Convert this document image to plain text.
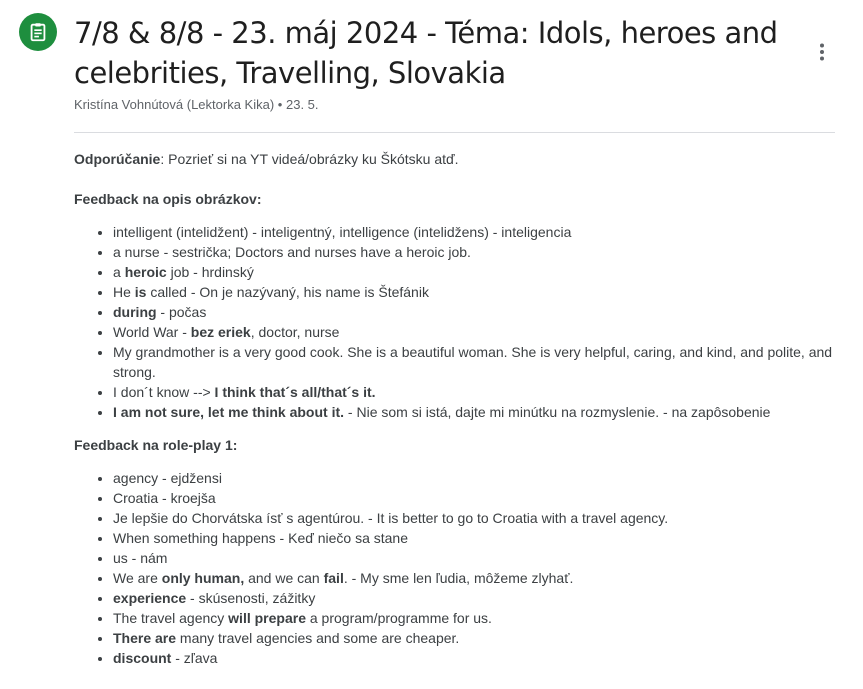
7/8 & 8/8 - 23. máj 2024 - Téma: Idols, heroes and celebrities, Travelling, Slovakia
Kristína Vohnútová (Lektorka Kika) • 23. 5.

Odporúčanie: Pozrieť si na YT videá/obrázky ku Škótsku atď.

Feedback na opis obrázkov:

• intelligent (intelidžent) - inteligentný, intelligence (intelidžens) - inteligencia
• a nurse - sestrička; Doctors and nurses have a heroic job.
• a heroic job - hrdinský
• He is called - On je nazývaný, his name is Štefánik
• during - počas
• World War - bez eriek, doctor, nurse
• My grandmother is a very good cook. She is a beautiful woman. She is very helpful, caring, and kind, and polite, and strong.
• I don´t know --> I think that´s all/that´s it.
• I am not sure, let me think about it. - Nie som si istá, dajte mi minútku na rozmyslenie. - na zapôsobenie

Feedback na role-play 1:

• agency - ejdžensi
• Croatia - kroejša
• Je lepšie do Chorvátska ísť s agentúrou. - It is better to go to Croatia with a travel agency.
• When something happens - Keď niečo sa stane
• us - nám
• We are only human, and we can fail. - My sme len ľudia, môžeme zlyhať.
• experience - skúsenosti, zážitky
• The travel agency will prepare a program/programme for us.
• There are many travel agencies and some are cheaper.
• discount - zľava
